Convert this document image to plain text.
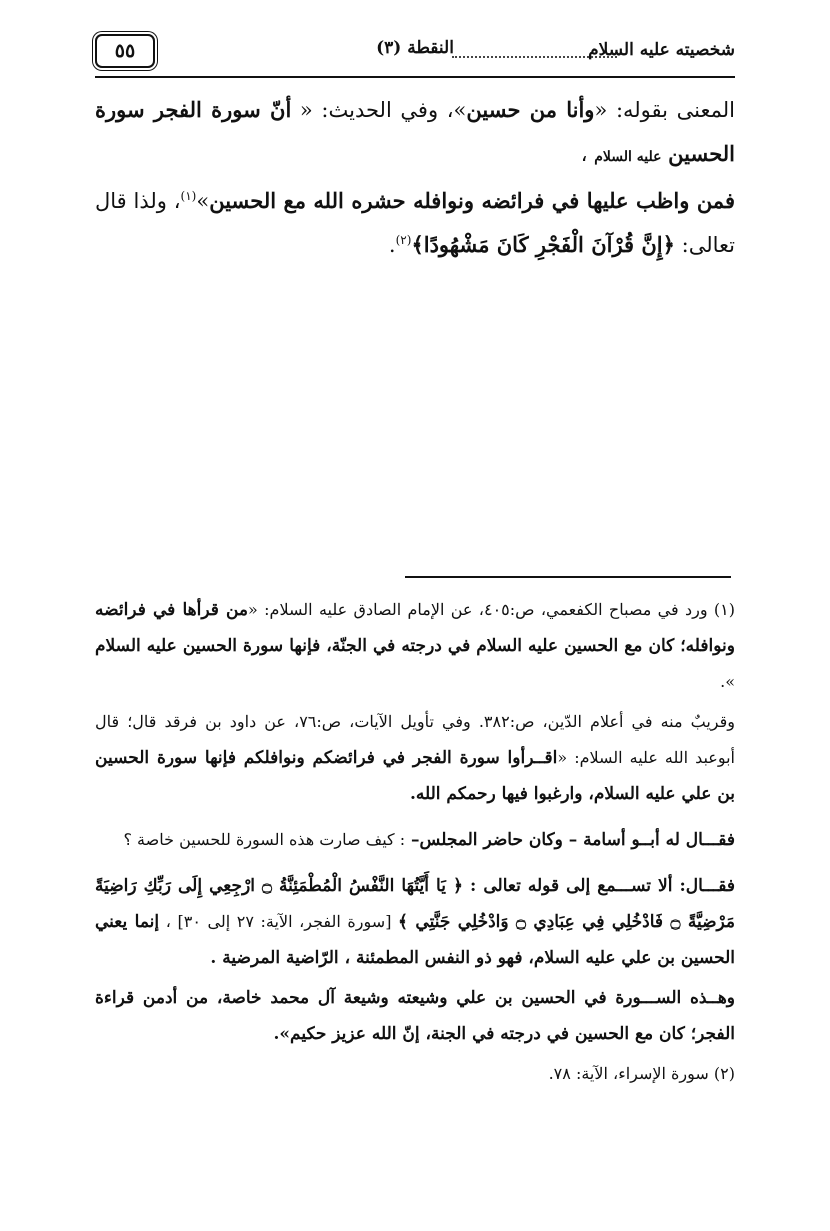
شخصيته عليه السلام
النقطة (٣)
٥٥

المعنى بقوله: «وأنا من حسين»، وفي الحديث: « أنّ سورة الفجر سورة الحسين عليه السلام ،

فمن واظب عليها في فرائضه ونوافله حشره الله مع الحسين»$^{(١)}$، ولذا قال تعالى: ﴿إِنَّ قُرْآنَ الْفَجْرِ كَانَ مَشْهُودًا﴾$^{(٢)}$.

(١) ورد في مصباح الكفعمي، ص:٤٠٥، عن الإمام الصادق عليه السلام: «من قرأها في فرائضه ونوافله؛ كان مع الحسين عليه السلام في درجته في الجنّة، فإنها سورة الحسين عليه السلام ».

وقريبٌ منه في أعلام الدّين، ص:٣٨٢. وفي تأويل الآيات، ص:٧٦، عن داود بن فرقد قال؛ قال أبوعبد الله عليه السلام: «اقــرأوا سورة الفجر في فرائضكم ونوافلكم فإنها سورة الحسين بن علي عليه السلام، وارغبوا فيها رحمكم الله.

فقـــال له أبــو أسامة – وكان حاضر المجلس– : كيف صارت هذه السورة للحسين خاصة ؟

فقـــال: ألا تســـمع إلى قوله تعالى : ﴿ يَا أَيَّتُهَا النَّفْسُ الْمُطْمَئِنَّةُ ۝ ارْجِعِي إِلَى رَبِّكِ رَاضِيَةً مَرْضِيَّةً ۝ فَادْخُلِي فِي عِبَادِي ۝ وَادْخُلِي جَنَّتِي ﴾ [سورة الفجر، الآية: ٢٧ إلى ٣٠] ، إنما يعني الحسين بن علي عليه السلام، فهو ذو النفس المطمئنة ، الرّاضية المرضية .

وهــذه الســـورة في الحسين بن علي وشيعته وشيعة آل محمد خاصة، من أدمن قراءة الفجر؛ كان مع الحسين في درجته في الجنة، إنّ الله عزيز حكيم».

(٢) سورة الإسراء، الآية: ٧٨.
